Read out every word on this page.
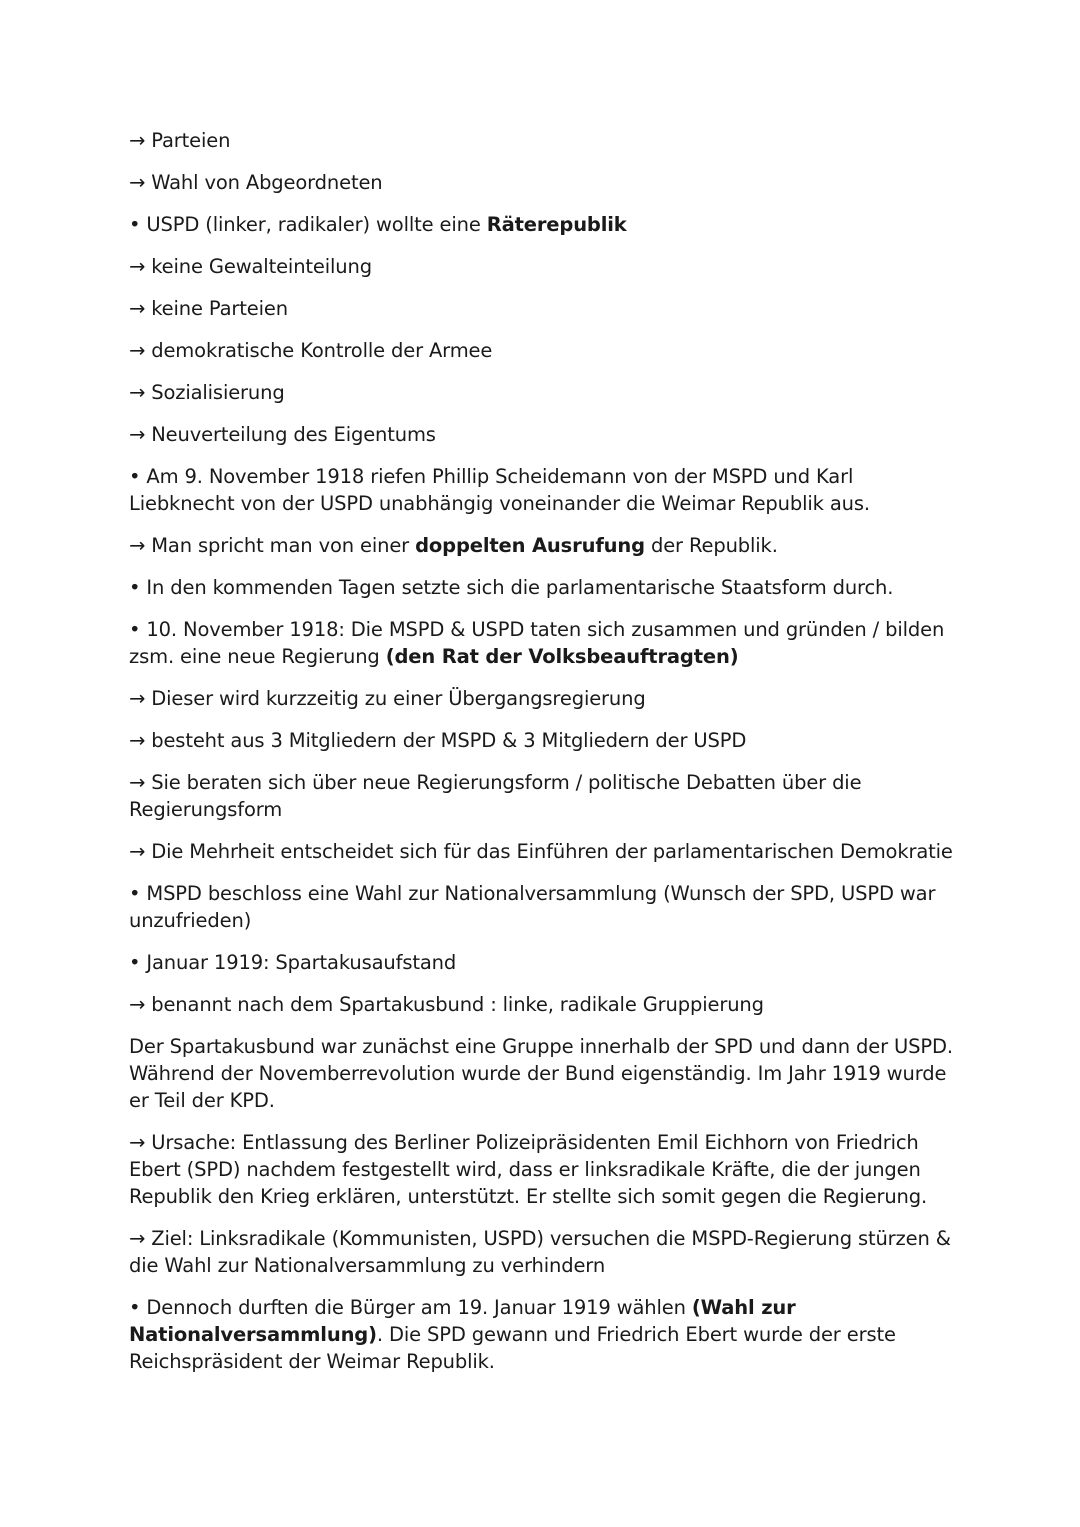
→ Parteien

→ Wahl von Abgeordneten

• USPD (linker, radikaler) wollte eine Räterepublik

→ keine Gewalteinteilung

→ keine Parteien

→ demokratische Kontrolle der Armee

→ Sozialisierung

→ Neuverteilung des Eigentums

• Am 9. November 1918 riefen Phillip Scheidemann von der MSPD und Karl Liebknecht von der USPD unabhängig voneinander die Weimar Republik aus.

→ Man spricht man von einer doppelten Ausrufung der Republik.

• In den kommenden Tagen setzte sich die parlamentarische Staatsform durch.

• 10. November 1918: Die MSPD & USPD taten sich zusammen und gründen / bilden zsm. eine neue Regierung (den Rat der Volksbeauftragten)

→ Dieser wird kurzzeitig zu einer Übergangsregierung

→ besteht aus 3 Mitgliedern der MSPD & 3 Mitgliedern der USPD

→ Sie beraten sich über neue Regierungsform / politische Debatten über die Regierungsform

→ Die Mehrheit entscheidet sich für das Einführen der parlamentarischen Demokratie

• MSPD beschloss eine Wahl zur Nationalversammlung (Wunsch der SPD, USPD war unzufrieden)

• Januar 1919: Spartakusaufstand

→ benannt nach dem Spartakusbund : linke, radikale Gruppierung

Der Spartakusbund war zunächst eine Gruppe innerhalb der SPD und dann der USPD. Während der Novemberrevolution wurde der Bund eigenständig. Im Jahr 1919 wurde er Teil der KPD.

→ Ursache: Entlassung des Berliner Polizeipräsidenten Emil Eichhorn von Friedrich Ebert (SPD) nachdem festgestellt wird, dass er linksradikale Kräfte, die der jungen Republik den Krieg erklären, unterstützt. Er stellte sich somit gegen die Regierung.

→ Ziel: Linksradikale (Kommunisten, USPD) versuchen die MSPD-Regierung stürzen & die Wahl zur Nationalversammlung zu verhindern

• Dennoch durften die Bürger am 19. Januar 1919 wählen (Wahl zur Nationalversammlung). Die SPD gewann und Friedrich Ebert wurde der erste Reichspräsident der Weimar Republik.
